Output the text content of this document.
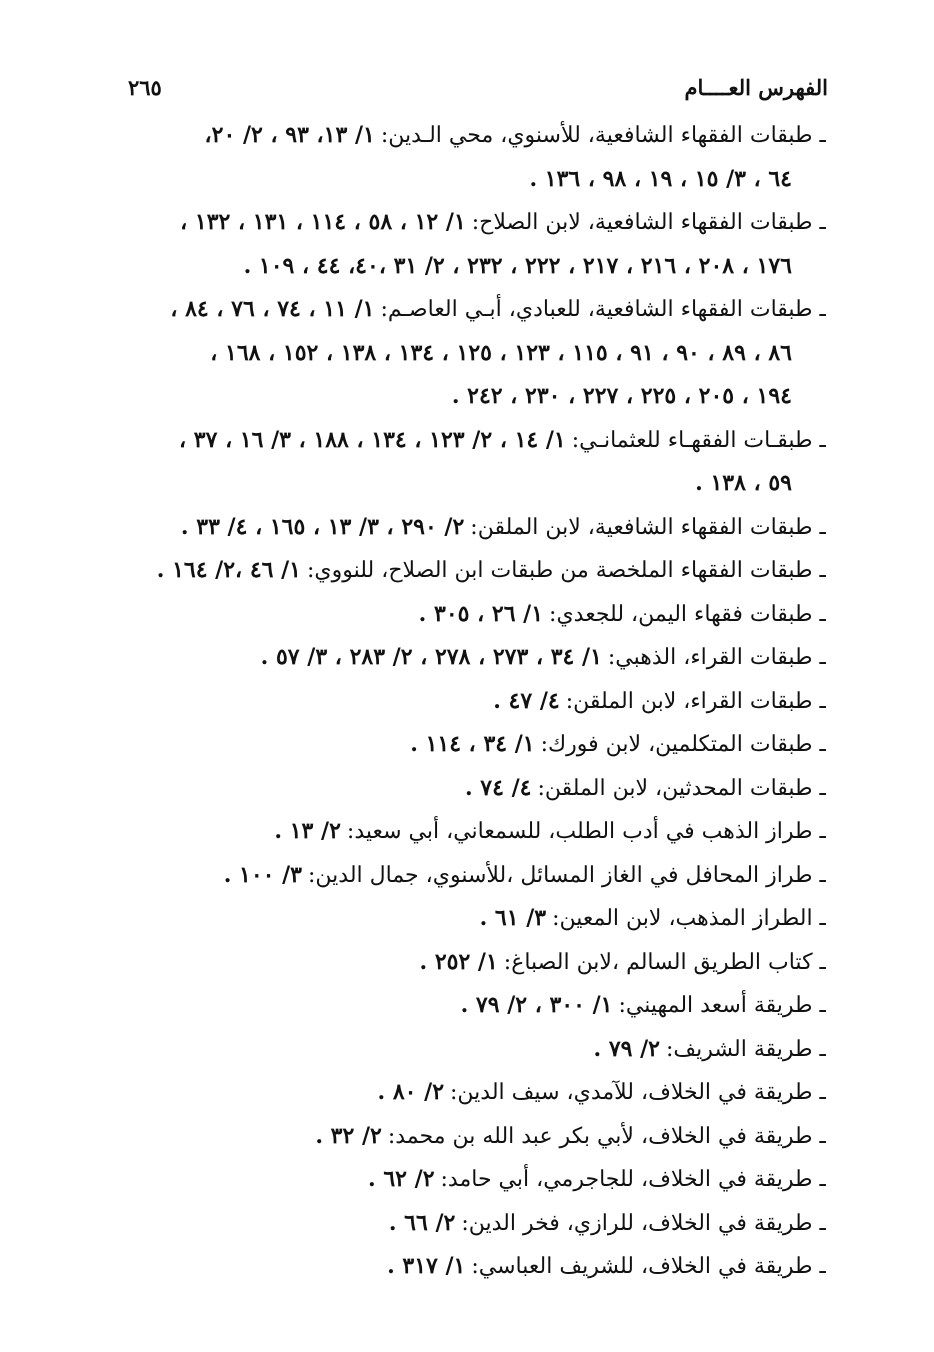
الفهرس العــــام
٢٦٥
ـ طبقات الفقهاء الشافعية، للأسنوي، محي الـدين:١/ ١٣، ٩٣ ، ٢/ ٢٠،
٦٤ ، ٣/ ١٥ ، ١٩ ، ٩٨ ، ١٣٦ .
ـ طبقات الفقهاء الشافعية، لابن الصلاح:١/ ١٢ ، ٥٨ ، ١١٤ ، ١٣١ ، ١٣٢ ،
١٧٦ ، ٢٠٨ ، ٢١٦ ، ٢١٧ ، ٢٢٢ ، ٢٣٢ ، ٢/ ٣١ ،٤٠، ٤٤ ، ١٠٩ .
ـ طبقات الفقهاء الشافعية، للعبادي، أبـي العاصـم:١/ ١١ ، ٧٤ ، ٧٦ ، ٨٤ ،
٨٦ ، ٨٩ ، ٩٠ ، ٩١ ، ١١٥ ، ١٢٣ ، ١٢٥ ، ١٣٤ ، ١٣٨ ، ١٥٢ ، ١٦٨ ،
١٩٤ ، ٢٠٥ ، ٢٢٥ ، ٢٢٧ ، ٢٣٠ ، ٢٤٢ .
ـ طبقـات الفقهـاء للعثمانـي:١/ ١٤ ، ٢/ ١٢٣ ، ١٣٤ ، ١٨٨ ، ٣/ ١٦ ، ٣٧ ،
٥٩ ، ١٣٨ .
ـ طبقات الفقهاء الشافعية، لابن الملقن:٢/ ٢٩٠ ، ٣/ ١٣ ، ١٦٥ ، ٤/ ٣٣ .
ـ طبقات الفقهاء الملخصة من طبقات ابن الصلاح، للنووي:١/ ٤٦ ،٢/ ١٦٤ .
ـ طبقات فقهاء اليمن، للجعدي:١/ ٢٦ ، ٣٠٥ .
ـ طبقات القراء، الذهبي:١/ ٣٤ ، ٢٧٣ ، ٢٧٨ ، ٢/ ٢٨٣ ، ٣/ ٥٧ .
ـ طبقات القراء، لابن الملقن:٤/ ٤٧ .
ـ طبقات المتكلمين، لابن فورك:١/ ٣٤ ، ١١٤ .
ـ طبقات المحدثين، لابن الملقن:٤/ ٧٤ .
ـ طراز الذهب في أدب الطلب، للسمعاني، أبي سعيد:٢/ ١٣ .
ـ طراز المحافل في الغاز المسائل ،للأسنوي، جمال الدين:٣/ ١٠٠ .
ـ الطراز المذهب، لابن المعين:٣/ ٦١ .
ـ كتاب الطريق السالم ،لابن الصباغ:١/ ٢٥٢ .
ـ طريقة أسعد المهيني:١/ ٣٠٠ ، ٢/ ٧٩ .
ـ طريقة الشريف:٢/ ٧٩ .
ـ طريقة في الخلاف، للآمدي، سيف الدين:٢/ ٨٠ .
ـ طريقة في الخلاف، لأبي بكر عبد الله بن محمد:٢/ ٣٢ .
ـ طريقة في الخلاف، للجاجرمي، أبي حامد:٢/ ٦٢ .
ـ طريقة في الخلاف، للرازي، فخر الدين:٢/ ٦٦ .
ـ طريقة في الخلاف، للشريف العباسي:١/ ٣١٧ .
